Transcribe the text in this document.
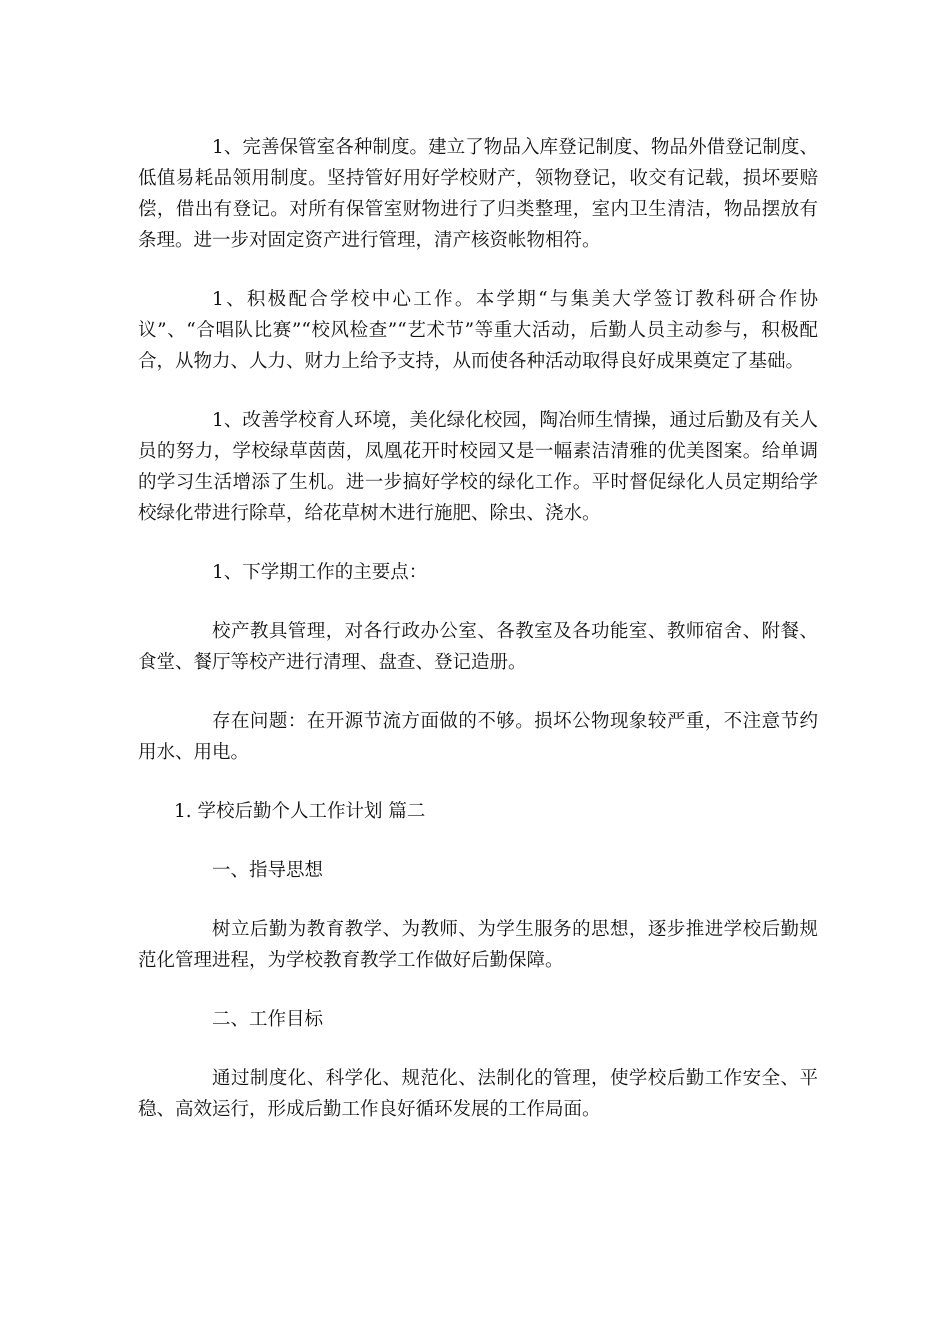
1、完善保管室各种制度。建立了物品入库登记制度、物品外借登记制度、低值易耗品领用制度。坚持管好用好学校财产，领物登记，收交有记载，损坏要赔偿，借出有登记。对所有保管室财物进行了归类整理，室内卫生清洁，物品摆放有条理。进一步对固定资产进行管理，清产核资帐物相符。

1、积极配合学校中心工作。本学期“与集美大学签订教科研合作协议”、“合唱队比赛”“校风检查”“艺术节”等重大活动，后勤人员主动参与，积极配合，从物力、人力、财力上给予支持，从而使各种活动取得良好成果奠定了基础。

1、改善学校育人环境，美化绿化校园，陶冶师生情操，通过后勤及有关人员的努力，学校绿草茵茵，凤凰花开时校园又是一幅素洁清雅的优美图案。给单调的学习生活增添了生机。进一步搞好学校的绿化工作。平时督促绿化人员定期给学校绿化带进行除草，给花草树木进行施肥、除虫、浇水。

1、下学期工作的主要点：

校产教具管理，对各行政办公室、各教室及各功能室、教师宿舍、附餐、食堂、餐厅等校产进行清理、盘查、登记造册。

存在问题：在开源节流方面做的不够。损坏公物现象较严重，不注意节约用水、用电。

1. 学校后勤个人工作计划 篇二

一、指导思想

树立后勤为教育教学、为教师、为学生服务的思想，逐步推进学校后勤规范化管理进程，为学校教育教学工作做好后勤保障。

二、工作目标

通过制度化、科学化、规范化、法制化的管理，使学校后勤工作安全、平稳、高效运行，形成后勤工作良好循环发展的工作局面。
